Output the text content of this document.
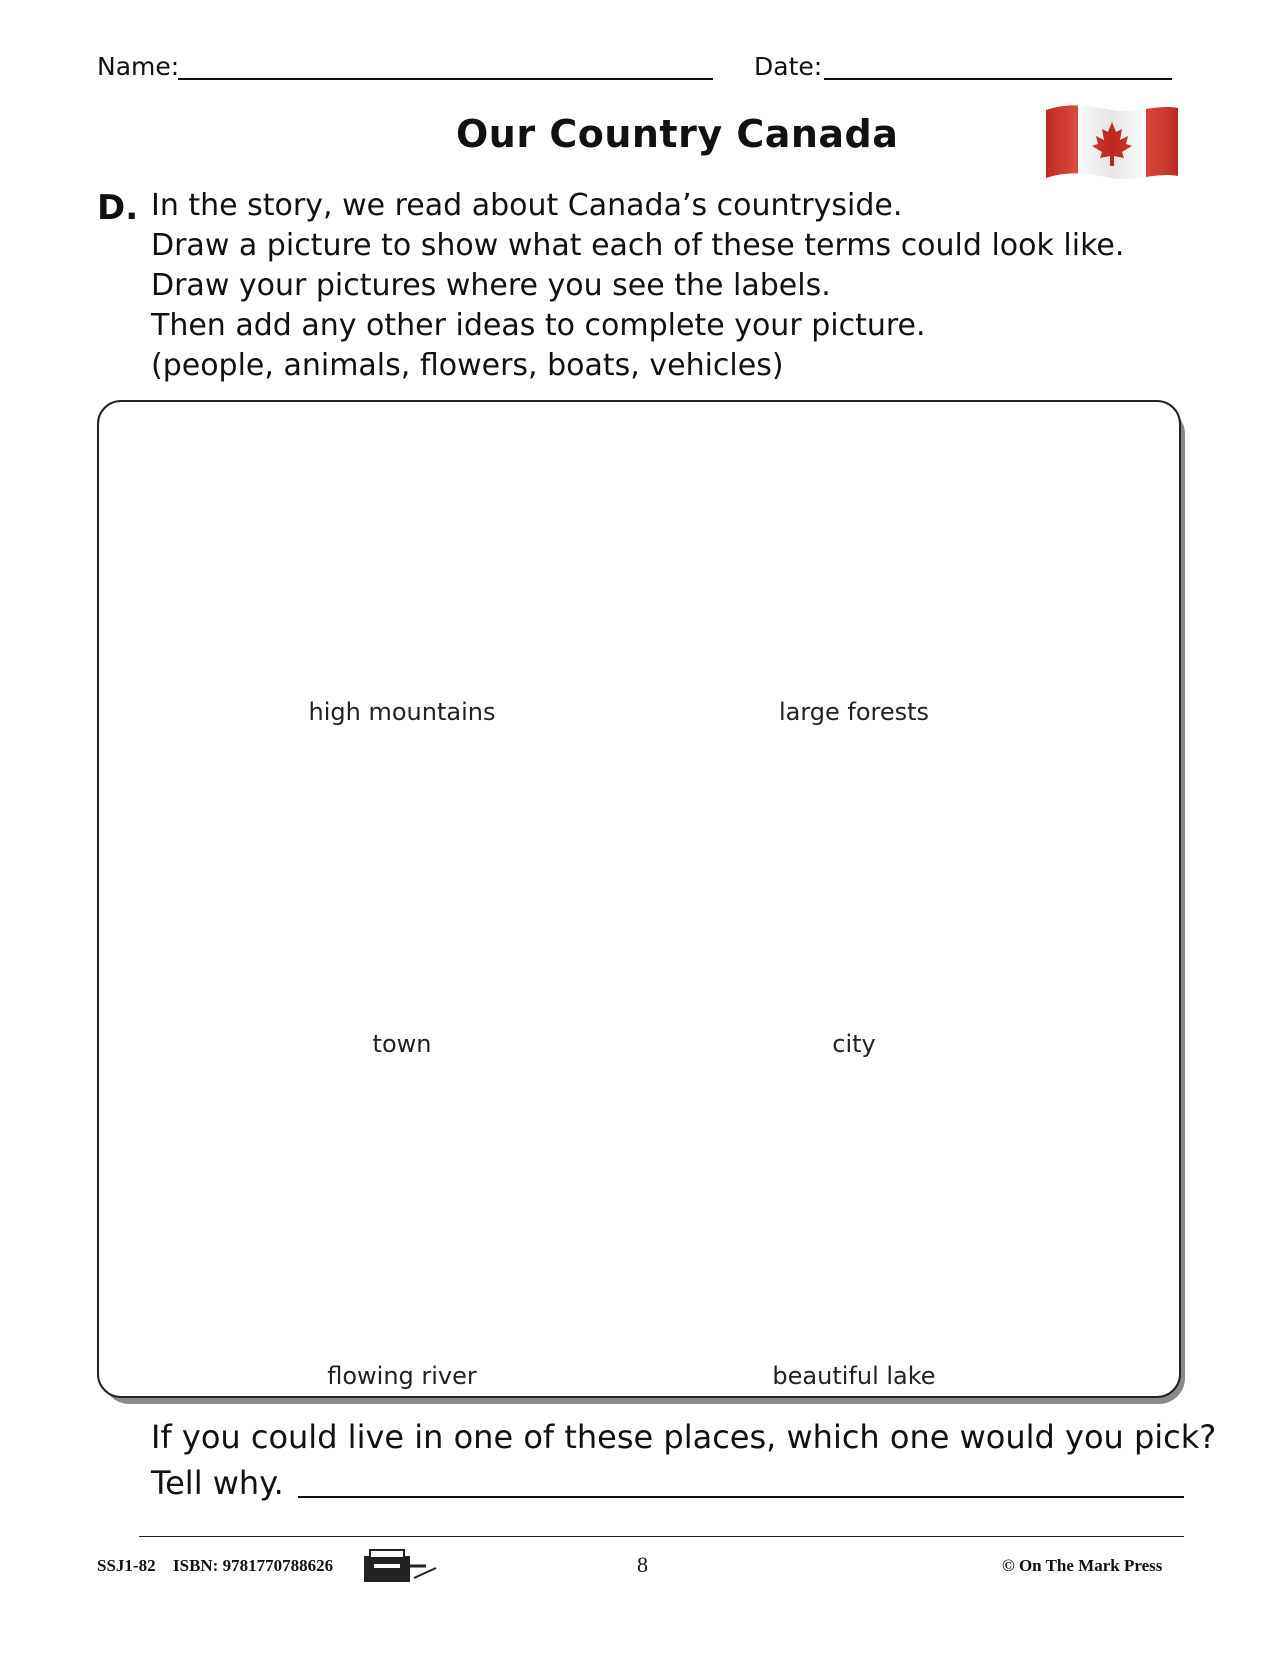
Name:	Date:
Our Country Canada
D. In the story, we read about Canada’s countryside.
Draw a picture to show what each of these terms could look like.
Draw your pictures where you see the labels.
Then add any other ideas to complete your picture.
(people, animals, flowers, boats, vehicles)
high mountains	large forests
town	city
flowing river	beautiful lake
If you could live in one of these places, which one would you pick?
Tell why.
SSJ1-82 ISBN: 9781770788626	8	© On The Mark Press
